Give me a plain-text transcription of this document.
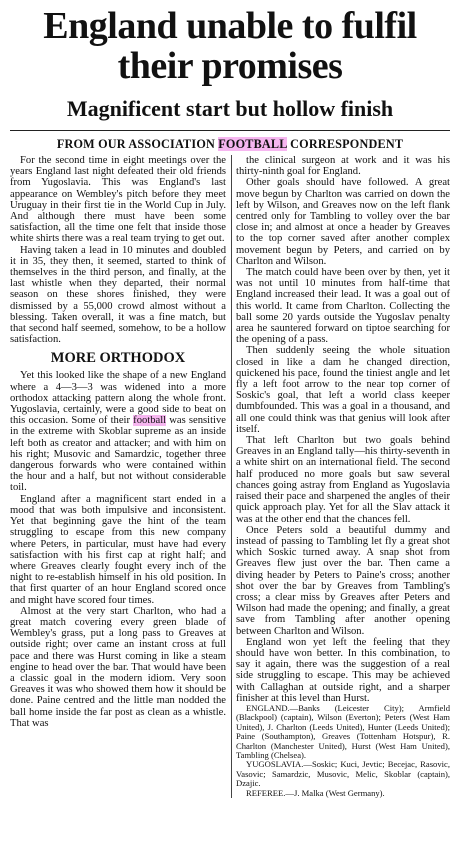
England unable to fulfil
their promises
Magnificent start but hollow finish
FROM OUR ASSOCIATION FOOTBALL CORRESPONDENT

For the second time in eight meetings over the years England last night defeated their old friends from Yugoslavia. This was England's last appearance on Wembley's pitch before they meet Uruguay in their first tie in the World Cup in July. And although there must have been some satisfaction, all the time one felt that inside those white shirts there was a real team trying to get out.

Having taken a lead in 10 minutes and doubled it in 35, they then, it seemed, started to think of themselves in the third person, and finally, at the last whistle when they departed, their normal season on these shores finished, they were dismissed by a 55,000 crowd almost without a blessing. Taken overall, it was a fine match, but that second half seemed, somehow, to be a hollow satisfaction.

MORE ORTHODOX

Yet this looked like the shape of a new England where a 4—3—3 was widened into a more orthodox attacking pattern along the whole front. Yugoslavia, certainly, were a good side to beat on this occasion. Some of their football was sensitive in the extreme with Skoblar supreme as an inside left both as creator and attacker; and with him on his right; Musovic and Samardzic, together three dangerous forwards who were contained within the hour and a half, but not without considerable toil.

England after a magnificent start ended in a mood that was both impulsive and inconsistent. Yet that beginning gave the hint of the team struggling to escape from this new company where Peters, in particular, must have had every satisfaction with his first cap at right half; and where Greaves clearly fought every inch of the night to re-establish himself in his old position. In that first quarter of an hour England scored once and might have scored four times.

Almost at the very start Charlton, who had a great match covering every green blade of Wembley's grass, put a long pass to Greaves at outside right; over came an instant cross at full pace and there was Hurst coming in like a steam engine to head over the bar. That would have been a classic goal in the modern idiom. Very soon Greaves it was who showed them how it should be done. Paine centred and the little man nodded the ball home inside the far post as clean as a whistle. That was

the clinical surgeon at work and it was his thirty-ninth goal for England.

Other goals should have followed. A great move begun by Charlton was carried on down the left by Wilson, and Greaves now on the left flank centred only for Tambling to volley over the bar close in; and almost at once a header by Greaves to the top corner saved after another complex movement begun by Peters, and carried on by Charlton and Wilson.

The match could have been over by then, yet it was not until 10 minutes from half-time that England increased their lead. It was a goal out of this world. It came from Charlton. Collecting the ball some 20 yards outside the Yugoslav penalty area he sauntered forward on tiptoe searching for the opening of a pass.

Then suddenly seeing the whole situation closed in like a dam he changed direction, quickened his pace, found the tiniest angle and let fly a left foot arrow to the near top corner of Soskic's goal, that left a world class keeper dumbfounded. This was a goal in a thousand, and all one could think was that genius will look after itself.

That left Charlton but two goals behind Greaves in an England tally—his thirty-seventh in a white shirt on an international field. The second half produced no more goals but saw several chances going astray from England as Yugoslavia raised their pace and sharpened the angles of their quick approach play. Yet for all the Slav attack it was at the other end that the chances fell.

Once Peters sold a beautiful dummy and instead of passing to Tambling let fly a great shot which Soskic turned away. A snap shot from Greaves flew just over the bar. Then came a diving header by Peters to Paine's cross; another shot over the bar by Greaves from Tambling's cross; a clear miss by Greaves after Peters and Wilson had made the opening; and finally, a great save from Tambling after another opening between Charlton and Wilson.

England won yet left the feeling that they should have won better. In this combination, to say it again, there was the suggestion of a real side struggling to escape. This may be achieved with Callaghan at outside right, and a sharper finisher at this level than Hurst.

ENGLAND.—Banks (Leicester City); Armfield (Blackpool) (captain), Wilson (Everton); Peters (West Ham United), J. Charlton (Leeds United), Hunter (Leeds United); Paine (Southampton), Greaves (Tottenham Hotspur), R. Charlton (Manchester United), Hurst (West Ham United), Tambling (Chelsea).

YUGOSLAVIA.—Soskic; Kuci, Jevtic; Becejac, Rasovic, Vasovic; Samardzic, Musovic, Melic, Skoblar (captain), Dzajic.

REFEREE.—J. Malka (West Germany).
